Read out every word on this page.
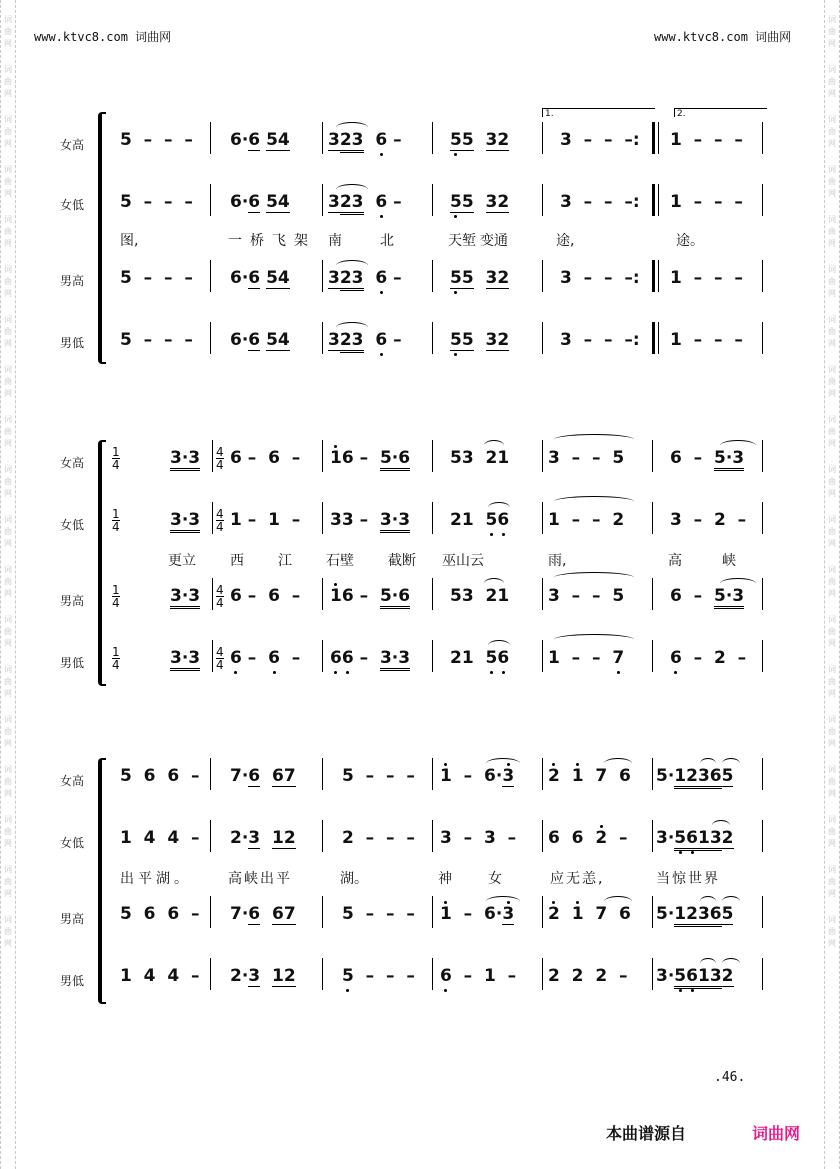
词
曲
网
词
曲
网
词
曲
网
词
曲
网
词
曲
网
词
曲
网
词
曲
网
词
曲
网
词
曲
网
词
曲
网
词
曲
网
词
曲
网
词
曲
网
词
曲
网
词
曲
网
词
曲
网
词
曲
网
词
曲
网
词
曲
网
词
曲
网
词
曲
网
词
曲
网
词
曲
网
词
曲
网
词
曲
网
词
曲
网
词
曲
网
词
曲
网
词
曲
网
词
曲
网
词
曲
网
词
曲
网
词
曲
网
词
曲
网
词
曲
网
词
曲
网
词
曲
网
词
曲
网
www.ktvc8.com 词曲网	www.ktvc8.com 词曲网
女高
女低
男高
男低
1.	2.
5  –  –  – 6·6 54 323 6 –	55 32	3  –  –  –: 1  –  –  –
5  –  –  – 6·6 54 323 6 –	55 32	3  –  –  –: 1  –  –  –
5  –  –  – 6·6 54 323 6 –	55 32	3  –  –  –: 1  –  –  –
5  –  –  – 6·6 54 323 6 –	55 32	3  –  –  –: 1  –  –  –
图,	一桥飞架 南	北	天堑 变通	途,	途。
女高
女低
男高
男低
$\frac{1}{4}$	$3\cdot 3 \frac{4}{4} 6 - 6 - 16 - 5\cdot 6$ 53  21 3  –  –  5	6  –  5·3
$\frac{1}{4}$	$3\cdot 3 \frac{4}{4} 1 - 1 - 33 - 3\cdot 3$ 21  56 1  –  –  2	3  –  2  –
$\frac{1}{4}$	$3\cdot 3 \frac{4}{4} 6 - 6 - 16 - 5\cdot 6$ 53  21 3  –  –  5	6  –  5·3
$\frac{1}{4}$	$3\cdot 3 \frac{4}{4} 6 - 6 - 66 - 3\cdot 3$ 21  56 1  –  –  7	6  –  2  –
更立 西 江 石壁 截断 巫山云	雨,	高	峡
女高
女低
男高
男低
5  6  6  – 7·6 67	5  –  –  – 1  –  6·3 2 1  7  6 5·12365
1  4  4  – 2·3 12	2  –  –  – 3  –  3  – 6  6  2  – 3·56132
5  6  6  – 7·6 67	5  –  –  – 1  –  6·3 2 1  7  6 5·12365
1  4  4  – 2·3 12	5  –  –  – 6  –  1  – 2  2  2  – 3·56132
出平湖。	高峡出平	湖。	神	女	应无恙,	当惊世界
.46.
本曲谱源自	词曲网
